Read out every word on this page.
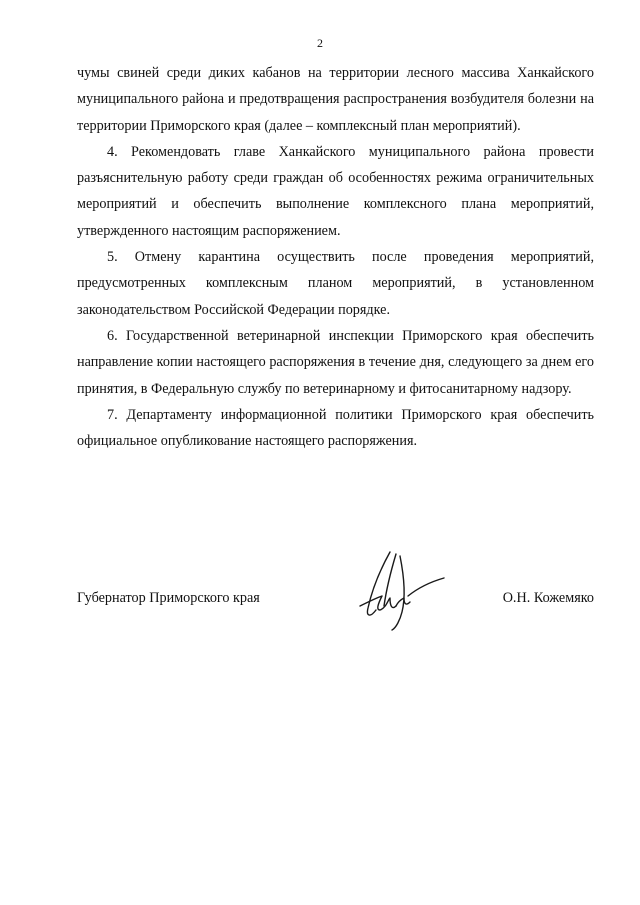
2

чумы свиней среди диких кабанов на территории лесного массива Ханкайского муниципального района и предотвращения распространения возбудителя болезни на территории Приморского края (далее – комплексный план мероприятий).

4. Рекомендовать главе Ханкайского муниципального района провести разъяснительную работу среди граждан об особенностях режима ограничительных мероприятий и обеспечить выполнение комплексного плана мероприятий, утвержденного настоящим распоряжением.

5. Отмену карантина осуществить после проведения мероприятий, предусмотренных комплексным планом мероприятий, в установленном законодательством Российской Федерации порядке.

6. Государственной ветеринарной инспекции Приморского края обеспечить направление копии настоящего распоряжения в течение дня, следующего за днем его принятия, в Федеральную службу по ветеринарному и фитосанитарному надзору.

7. Департаменту информационной политики Приморского края обеспечить официальное опубликование настоящего распоряжения.

Губернатор Приморского края	О.Н. Кожемяко
